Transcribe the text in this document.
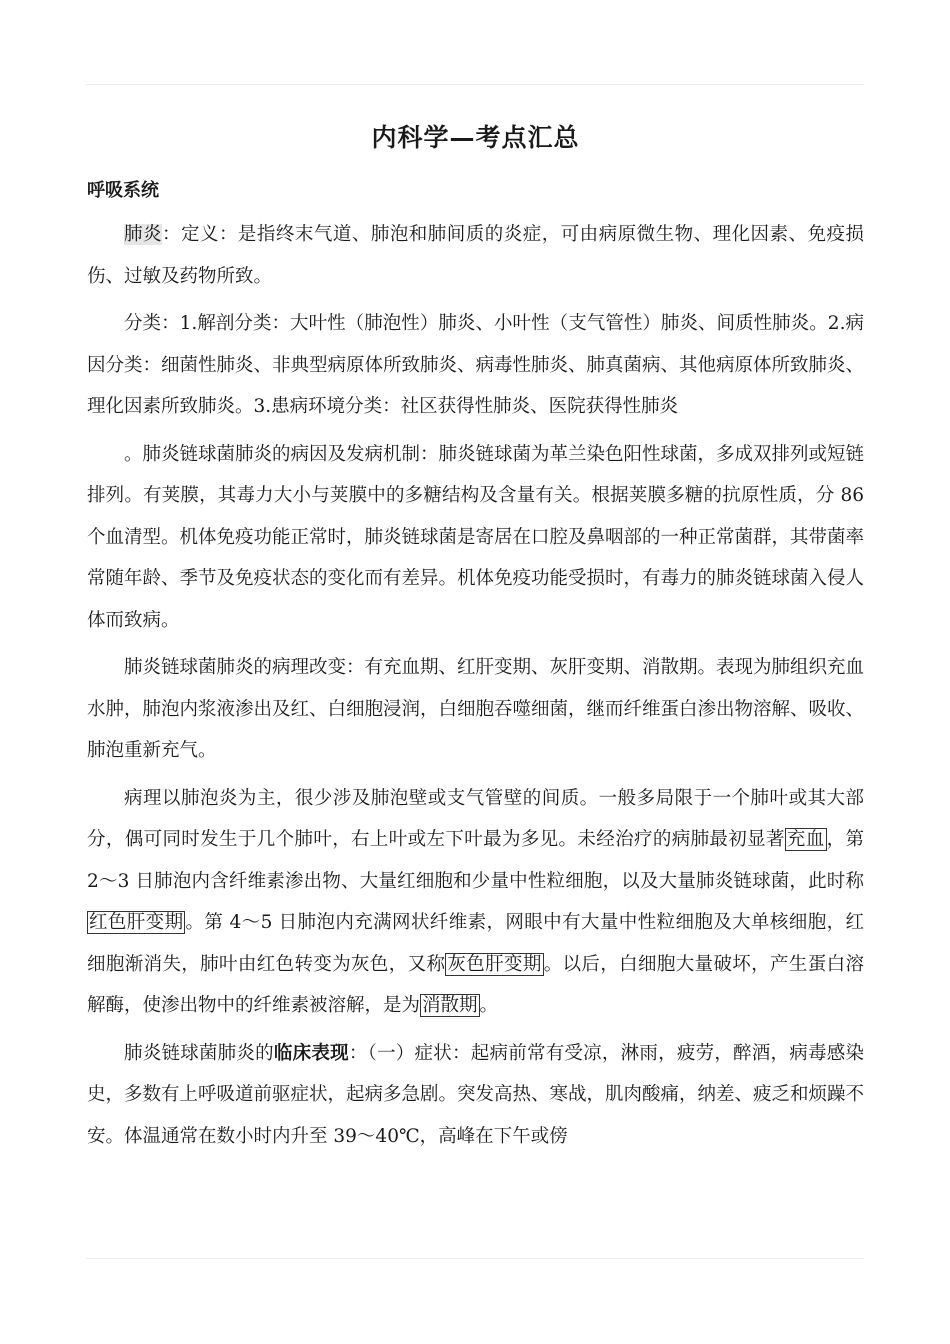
内科学—考点汇总
呼吸系统

肺炎：定义：是指终末气道、肺泡和肺间质的炎症，可由病原微生物、理化因素、免疫损伤、过敏及药物所致。

分类：1.解剖分类：大叶性（肺泡性）肺炎、小叶性（支气管性）肺炎、间质性肺炎。2.病因分类：细菌性肺炎、非典型病原体所致肺炎、病毒性肺炎、肺真菌病、其他病原体所致肺炎、理化因素所致肺炎。3.患病环境分类：社区获得性肺炎、医院获得性肺炎

。肺炎链球菌肺炎的病因及发病机制：肺炎链球菌为革兰染色阳性球菌，多成双排列或短链排列。有荚膜，其毒力大小与荚膜中的多糖结构及含量有关。根据荚膜多糖的抗原性质，分 86 个血清型。机体免疫功能正常时，肺炎链球菌是寄居在口腔及鼻咽部的一种正常菌群，其带菌率常随年龄、季节及免疫状态的变化而有差异。机体免疫功能受损时，有毒力的肺炎链球菌入侵人体而致病。

肺炎链球菌肺炎的病理改变：有充血期、红肝变期、灰肝变期、消散期。表现为肺组织充血水肿，肺泡内浆液渗出及红、白细胞浸润，白细胞吞噬细菌，继而纤维蛋白渗出物溶解、吸收、肺泡重新充气。

病理以肺泡炎为主，很少涉及肺泡壁或支气管壁的间质。一般多局限于一个肺叶或其大部分，偶可同时发生于几个肺叶，右上叶或左下叶最为多见。未经治疗的病肺最初显著 充血 ，第 2～3 日肺泡内含纤维素渗出物、大量红细胞和少量中性粒细胞，以及大量肺炎链球菌，此时称红色肝变期 。第 4～5 日肺泡内充满网状纤维素，网眼中有大量中性粒细胞及大单核细胞，红细胞渐消失，肺叶由红色转变为灰色，又称 灰色肝变期 。以后，白细胞大量破坏，产生蛋白溶解酶，使渗出物中的纤维素被溶解，是为 消散期 。

肺炎链球菌肺炎的临床表现：（一）症状：起病前常有受凉，淋雨，疲劳，醉酒，病毒感染史，多数有上呼吸道前驱症状，起病多急剧。突发高热、寒战，肌肉酸痛，纳差、疲乏和烦躁不安。体温通常在数小时内升至 39～40℃，高峰在下午或傍
